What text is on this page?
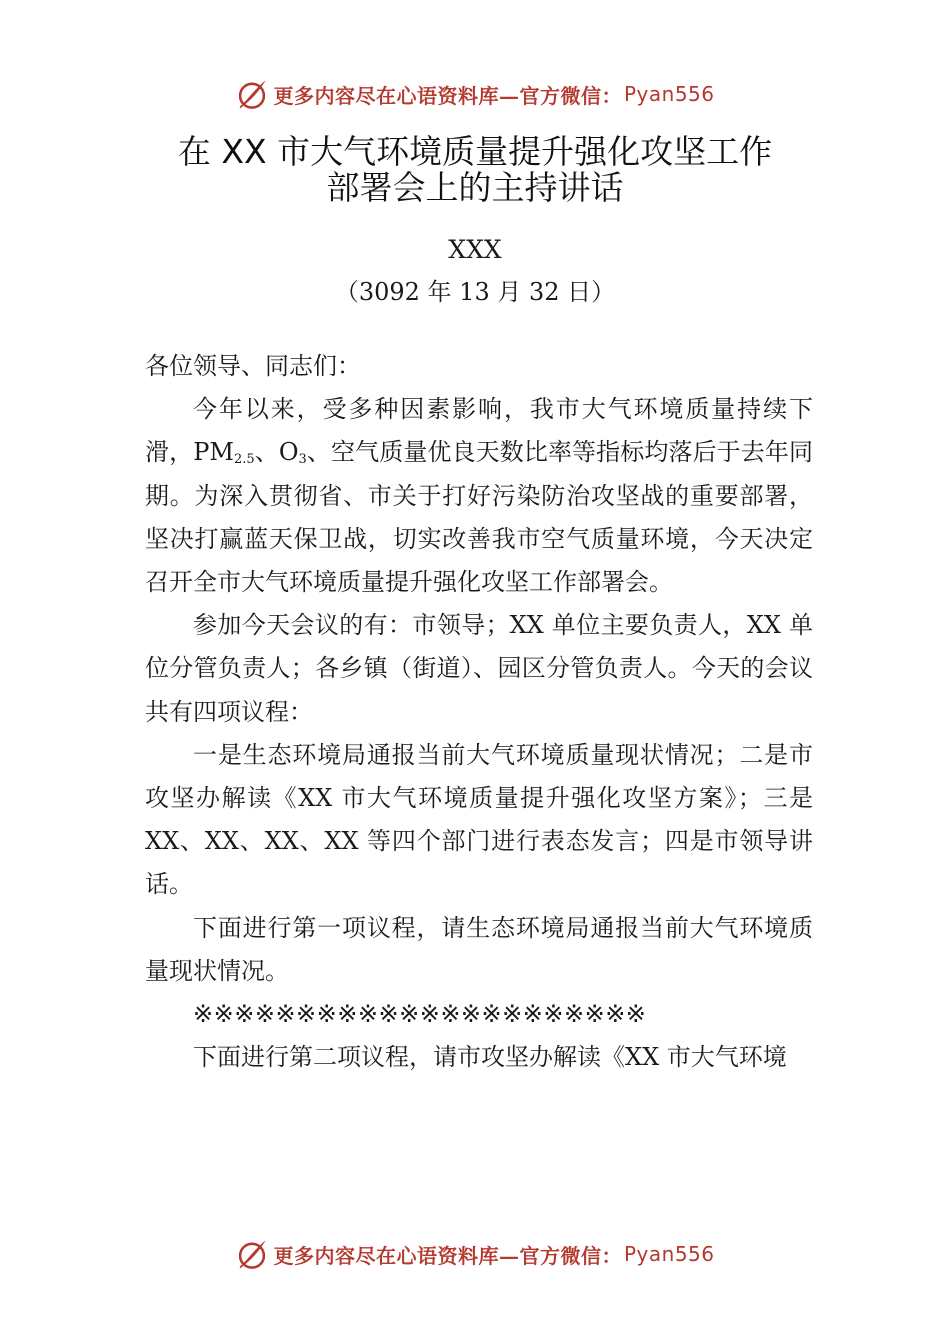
更多内容尽在心语资料库—官方微信： Pyan556
在 XX 市大气环境质量提升强化攻坚工作
部署会上的主持讲话
XXX
（3092 年 13 月 32 日）

各位领导、同志们：

今年以来，受多种因素影响，我市大气环境质量持续下滑，$PM_{2.5}$、$O_3$、空气质量优良天数比率等指标均落后于去年同期。为深入贯彻省、市关于打好污染防治攻坚战的重要部署，坚决打赢蓝天保卫战，切实改善我市空气质量环境，今天决定召开全市大气环境质量提升强化攻坚工作部署会。

参加今天会议的有：市领导；XX 单位主要负责人，XX 单位分管负责人；各乡镇（街道）、园区分管负责人。今天的会议共有四项议程：

一是生态环境局通报当前大气环境质量现状情况；二是市攻坚办解读《XX 市大气环境质量提升强化攻坚方案》；三是 XX、XX、XX、XX 等四个部门进行表态发言；四是市领导讲话。

下面进行第一项议程，请生态环境局通报当前大气环境质量现状情况。

※※※※※※※※※※※※※※※※※※※※※※

下面进行第二项议程，请市攻坚办解读《XX 市大气环境

更多内容尽在心语资料库—官方微信： Pyan556
